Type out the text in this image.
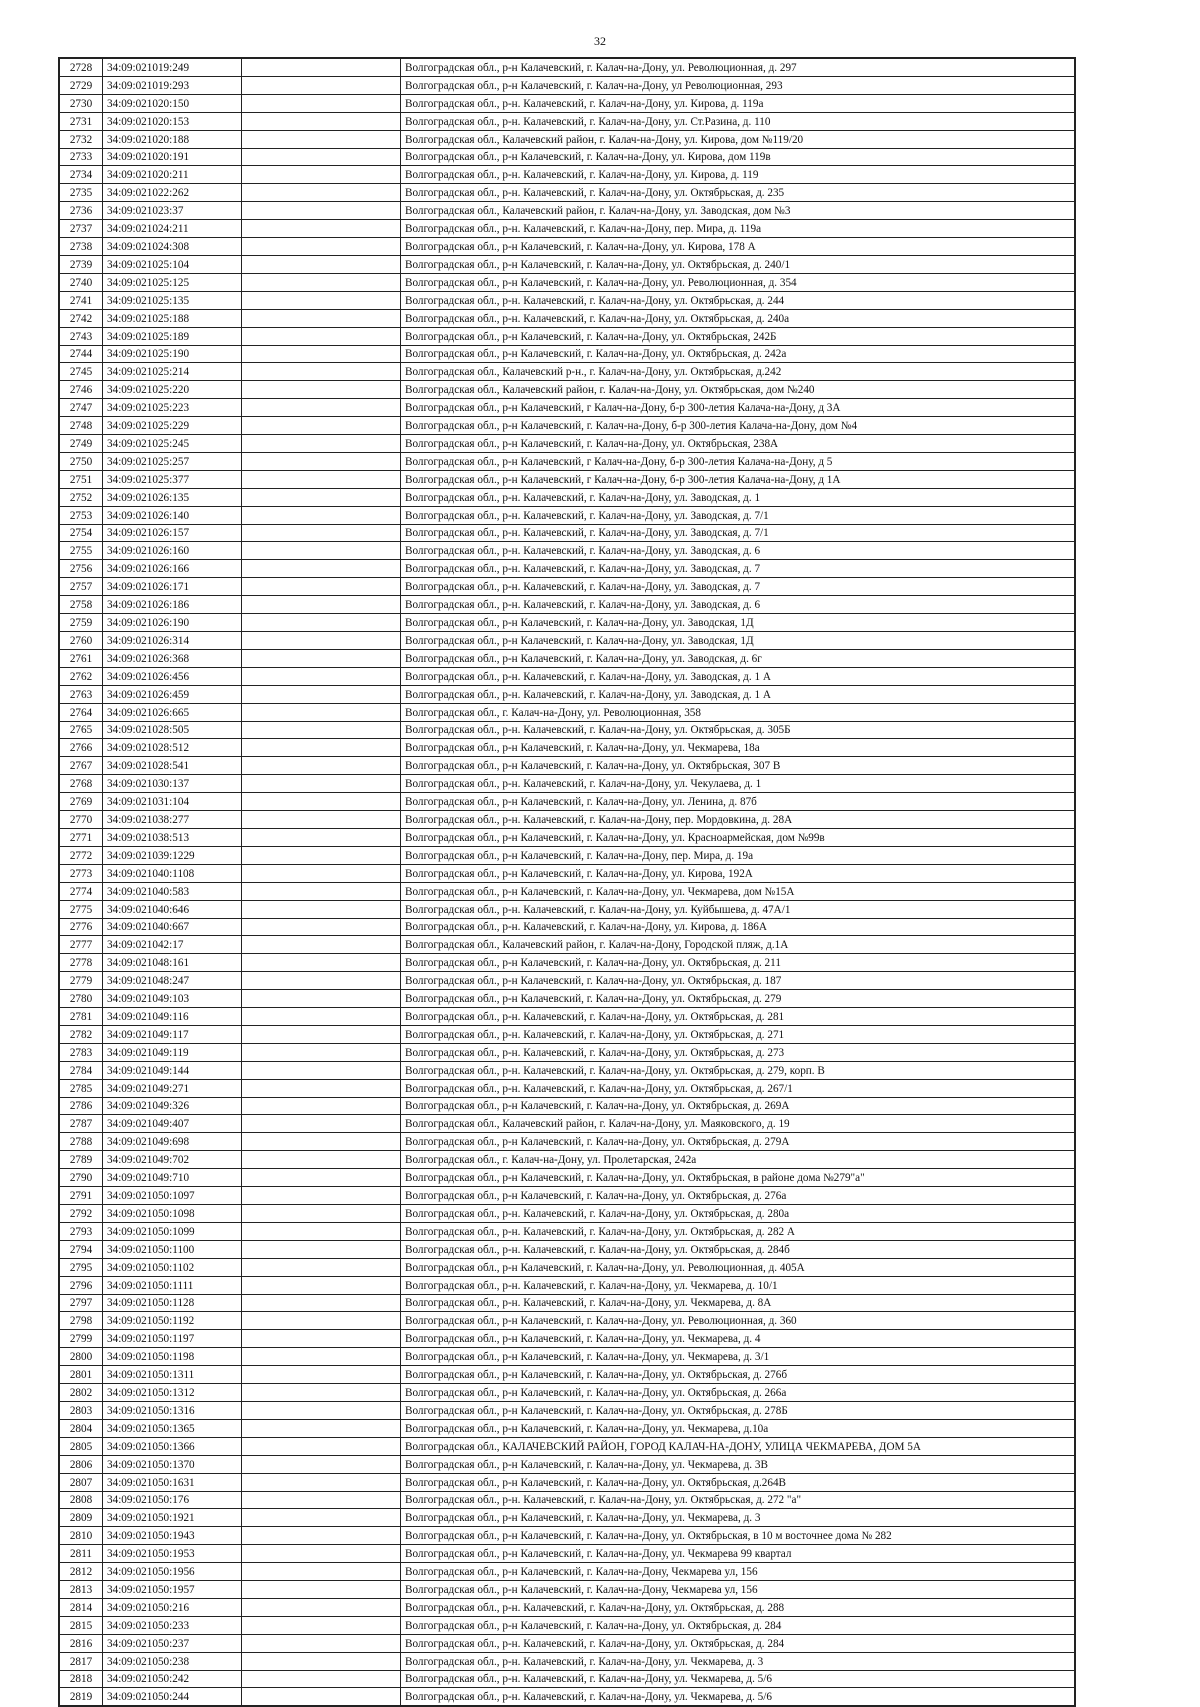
32
2728	34:09:021019:249		Волгоградская обл., р-н Калачевский, г. Калач-на-Дону, ул. Революционная, д. 297
2729	34:09:021019:293		Волгоградская обл., р-н Калачевский, г. Калач-на-Дону, ул Революционная, 293
2730	34:09:021020:150		Волгоградская обл., р-н. Калачевский, г. Калач-на-Дону, ул. Кирова, д. 119а
2731	34:09:021020:153		Волгоградская обл., р-н. Калачевский, г. Калач-на-Дону, ул. Ст.Разина, д. 110
2732	34:09:021020:188		Волгоградская обл., Калачевский район, г. Калач-на-Дону, ул. Кирова, дом №119/20
2733	34:09:021020:191		Волгоградская обл., р-н Калачевский, г. Калач-на-Дону, ул. Кирова, дом 119в
2734	34:09:021020:211		Волгоградская обл., р-н. Калачевский, г. Калач-на-Дону, ул. Кирова, д. 119
2735	34:09:021022:262		Волгоградская обл., р-н. Калачевский, г. Калач-на-Дону, ул. Октябрьская, д. 235
2736	34:09:021023:37		Волгоградская обл., Калачевский район, г. Калач-на-Дону, ул. Заводская, дом №3
2737	34:09:021024:211		Волгоградская обл., р-н. Калачевский, г. Калач-на-Дону, пер. Мира, д. 119а
2738	34:09:021024:308		Волгоградская обл., р-н Калачевский, г. Калач-на-Дону, ул. Кирова, 178 А
2739	34:09:021025:104		Волгоградская обл., р-н Калачевский, г. Калач-на-Дону, ул. Октябрьская, д. 240/1
2740	34:09:021025:125		Волгоградская обл., р-н Калачевский, г. Калач-на-Дону, ул. Революционная, д. 354
2741	34:09:021025:135		Волгоградская обл., р-н. Калачевский, г. Калач-на-Дону, ул. Октябрьская, д. 244
2742	34:09:021025:188		Волгоградская обл., р-н. Калачевский, г. Калач-на-Дону, ул. Октябрьская, д. 240а
2743	34:09:021025:189		Волгоградская обл., р-н Калачевский, г. Калач-на-Дону, ул. Октябрьская, 242Б
2744	34:09:021025:190		Волгоградская обл., р-н Калачевский, г. Калач-на-Дону, ул. Октябрьская, д. 242а
2745	34:09:021025:214		Волгоградская обл., Калачевский р-н., г. Калач-на-Дону, ул. Октябрьская, д.242
2746	34:09:021025:220		Волгоградская обл., Калачевский район, г. Калач-на-Дону, ул. Октябрьская, дом №240
2747	34:09:021025:223		Волгоградская обл., р-н Калачевский, г Калач-на-Дону, б-р 300-летия Калача-на-Дону, д 3А
2748	34:09:021025:229		Волгоградская обл., р-н Калачевский, г. Калач-на-Дону, б-р 300-летия Калача-на-Дону, дом №4
2749	34:09:021025:245		Волгоградская обл., р-н Калачевский, г. Калач-на-Дону, ул. Октябрьская, 238А
2750	34:09:021025:257		Волгоградская обл., р-н Калачевский, г Калач-на-Дону, б-р 300-летия Калача-на-Дону, д 5
2751	34:09:021025:377		Волгоградская обл., р-н Калачевский, г Калач-на-Дону, б-р 300-летия Калача-на-Дону, д 1А
2752	34:09:021026:135		Волгоградская обл., р-н. Калачевский, г. Калач-на-Дону, ул. Заводская, д. 1
2753	34:09:021026:140		Волгоградская обл., р-н. Калачевский, г. Калач-на-Дону, ул. Заводская, д. 7/1
2754	34:09:021026:157		Волгоградская обл., р-н. Калачевский, г. Калач-на-Дону, ул. Заводская, д. 7/1
2755	34:09:021026:160		Волгоградская обл., р-н. Калачевский, г. Калач-на-Дону, ул. Заводская, д. 6
2756	34:09:021026:166		Волгоградская обл., р-н. Калачевский, г. Калач-на-Дону, ул. Заводская, д. 7
2757	34:09:021026:171		Волгоградская обл., р-н. Калачевский, г. Калач-на-Дону, ул. Заводская, д. 7
2758	34:09:021026:186		Волгоградская обл., р-н. Калачевский, г. Калач-на-Дону, ул. Заводская, д. 6
2759	34:09:021026:190		Волгоградская обл., р-н Калачевский, г. Калач-на-Дону, ул. Заводская, 1Д
2760	34:09:021026:314		Волгоградская обл., р-н Калачевский, г. Калач-на-Дону, ул. Заводская, 1Д
2761	34:09:021026:368		Волгоградская обл., р-н Калачевский, г. Калач-на-Дону, ул. Заводская, д. 6г
2762	34:09:021026:456		Волгоградская обл., р-н. Калачевский, г. Калач-на-Дону, ул. Заводская, д. 1 А
2763	34:09:021026:459		Волгоградская обл., р-н. Калачевский, г. Калач-на-Дону, ул. Заводская, д. 1 А
2764	34:09:021026:665		Волгоградская обл., г. Калач-на-Дону, ул. Революционная, 358
2765	34:09:021028:505		Волгоградская обл., р-н. Калачевский, г. Калач-на-Дону, ул. Октябрьская, д. 305Б
2766	34:09:021028:512		Волгоградская обл., р-н Калачевский, г. Калач-на-Дону, ул. Чекмарева, 18а
2767	34:09:021028:541		Волгоградская обл., р-н Калачевский, г. Калач-на-Дону, ул. Октябрьская, 307 В
2768	34:09:021030:137		Волгоградская обл., р-н. Калачевский, г. Калач-на-Дону, ул. Чекулаева, д. 1
2769	34:09:021031:104		Волгоградская обл., р-н Калачевский, г. Калач-на-Дону, ул. Ленина, д. 87б
2770	34:09:021038:277		Волгоградская обл., р-н. Калачевский, г. Калач-на-Дону, пер. Мордовкина, д. 28А
2771	34:09:021038:513		Волгоградская обл., р-н Калачевский, г. Калач-на-Дону, ул. Красноармейская, дом №99в
2772	34:09:021039:1229		Волгоградская обл., р-н Калачевский, г. Калач-на-Дону, пер. Мира, д. 19а
2773	34:09:021040:1108		Волгоградская обл., р-н Калачевский, г. Калач-на-Дону, ул. Кирова, 192А
2774	34:09:021040:583		Волгоградская обл., р-н Калачевский, г. Калач-на-Дону, ул. Чекмарева, дом №15А
2775	34:09:021040:646		Волгоградская обл., р-н. Калачевский, г. Калач-на-Дону, ул. Куйбышева, д. 47А/1
2776	34:09:021040:667		Волгоградская обл., р-н. Калачевский, г. Калач-на-Дону, ул. Кирова, д. 186А
2777	34:09:021042:17		Волгоградская обл., Калачевский район, г. Калач-на-Дону, Городской пляж, д.1А
2778	34:09:021048:161		Волгоградская обл., р-н Калачевский, г. Калач-на-Дону, ул. Октябрьская, д. 211
2779	34:09:021048:247		Волгоградская обл., р-н Калачевский, г. Калач-на-Дону, ул. Октябрьская, д. 187
2780	34:09:021049:103		Волгоградская обл., р-н Калачевский, г. Калач-на-Дону, ул. Октябрьская, д. 279
2781	34:09:021049:116		Волгоградская обл., р-н. Калачевский, г. Калач-на-Дону, ул. Октябрьская, д. 281
2782	34:09:021049:117		Волгоградская обл., р-н. Калачевский, г. Калач-на-Дону, ул. Октябрьская, д. 271
2783	34:09:021049:119		Волгоградская обл., р-н. Калачевский, г. Калач-на-Дону, ул. Октябрьская, д. 273
2784	34:09:021049:144		Волгоградская обл., р-н. Калачевский, г. Калач-на-Дону, ул. Октябрьская, д. 279, корп. В
2785	34:09:021049:271		Волгоградская обл., р-н. Калачевский, г. Калач-на-Дону, ул. Октябрьская, д. 267/1
2786	34:09:021049:326		Волгоградская обл., р-н Калачевский, г. Калач-на-Дону, ул. Октябрьская, д. 269А
2787	34:09:021049:407		Волгоградская обл., Калачевский район, г. Калач-на-Дону, ул. Маяковского, д. 19
2788	34:09:021049:698		Волгоградская обл., р-н Калачевский, г. Калач-на-Дону, ул. Октябрьская, д. 279А
2789	34:09:021049:702		Волгоградская обл., г. Калач-на-Дону, ул. Пролетарская, 242а
2790	34:09:021049:710		Волгоградская обл., р-н Калачевский, г. Калач-на-Дону, ул. Октябрьская, в районе дома №279"а"
2791	34:09:021050:1097		Волгоградская обл., р-н Калачевский, г. Калач-на-Дону, ул. Октябрьская, д. 276а
2792	34:09:021050:1098		Волгоградская обл., р-н. Калачевский, г. Калач-на-Дону, ул. Октябрьская, д. 280а
2793	34:09:021050:1099		Волгоградская обл., р-н. Калачевский, г. Калач-на-Дону, ул. Октябрьская, д. 282 А
2794	34:09:021050:1100		Волгоградская обл., р-н. Калачевский, г. Калач-на-Дону, ул. Октябрьская, д. 284б
2795	34:09:021050:1102		Волгоградская обл., р-н Калачевский, г. Калач-на-Дону, ул. Революционная, д. 405А
2796	34:09:021050:1111		Волгоградская обл., р-н. Калачевский, г. Калач-на-Дону, ул. Чекмарева, д. 10/1
2797	34:09:021050:1128		Волгоградская обл., р-н. Калачевский, г. Калач-на-Дону, ул. Чекмарева, д. 8А
2798	34:09:021050:1192		Волгоградская обл., р-н Калачевский, г. Калач-на-Дону, ул. Революционная, д. 360
2799	34:09:021050:1197		Волгоградская обл., р-н Калачевский, г. Калач-на-Дону, ул. Чекмарева, д. 4
2800	34:09:021050:1198		Волгоградская обл., р-н Калачевский, г. Калач-на-Дону, ул. Чекмарева, д. 3/1
2801	34:09:021050:1311		Волгоградская обл., р-н Калачевский, г. Калач-на-Дону, ул. Октябрьская, д. 276б
2802	34:09:021050:1312		Волгоградская обл., р-н Калачевский, г. Калач-на-Дону, ул. Октябрьская, д. 266а
2803	34:09:021050:1316		Волгоградская обл., р-н Калачевский, г. Калач-на-Дону, ул. Октябрьская, д. 278Б
2804	34:09:021050:1365		Волгоградская обл., р-н Калачевский, г. Калач-на-Дону, ул. Чекмарева, д.10а
2805	34:09:021050:1366		Волгоградская обл., КАЛАЧЕВСКИЙ РАЙОН, ГОРОД КАЛАЧ-НА-ДОНУ, УЛИЦА ЧЕКМАРЕВА, ДОМ 5А
2806	34:09:021050:1370		Волгоградская обл., р-н Калачевский, г. Калач-на-Дону, ул. Чекмарева, д. 3В
2807	34:09:021050:1631		Волгоградская обл., р-н Калачевский, г. Калач-на-Дону, ул. Октябрьская, д.264В
2808	34:09:021050:176		Волгоградская обл., р-н. Калачевский, г. Калач-на-Дону, ул. Октябрьская, д. 272 "а"
2809	34:09:021050:1921		Волгоградская обл., р-н Калачевский, г. Калач-на-Дону, ул. Чекмарева, д. 3
2810	34:09:021050:1943		Волгоградская обл., р-н Калачевский, г. Калач-на-Дону, ул. Октябрьская, в 10 м восточнее дома № 282
2811	34:09:021050:1953		Волгоградская обл., р-н Калачевский, г. Калач-на-Дону, ул. Чекмарева 99 квартал
2812	34:09:021050:1956		Волгоградская обл., р-н Калачевский, г. Калач-на-Дону, Чекмарева ул, 156
2813	34:09:021050:1957		Волгоградская обл., р-н Калачевский, г. Калач-на-Дону, Чекмарева ул, 156
2814	34:09:021050:216		Волгоградская обл., р-н. Калачевский, г. Калач-на-Дону, ул. Октябрьская, д. 288
2815	34:09:021050:233		Волгоградская обл., р-н Калачевский, г. Калач-на-Дону, ул. Октябрьская, д. 284
2816	34:09:021050:237		Волгоградская обл., р-н. Калачевский, г. Калач-на-Дону, ул. Октябрьская, д. 284
2817	34:09:021050:238		Волгоградская обл., р-н. Калачевский, г. Калач-на-Дону, ул. Чекмарева, д. 3
2818	34:09:021050:242		Волгоградская обл., р-н. Калачевский, г. Калач-на-Дону, ул. Чекмарева, д. 5/6
2819	34:09:021050:244		Волгоградская обл., р-н. Калачевский, г. Калач-на-Дону, ул. Чекмарева, д. 5/6
